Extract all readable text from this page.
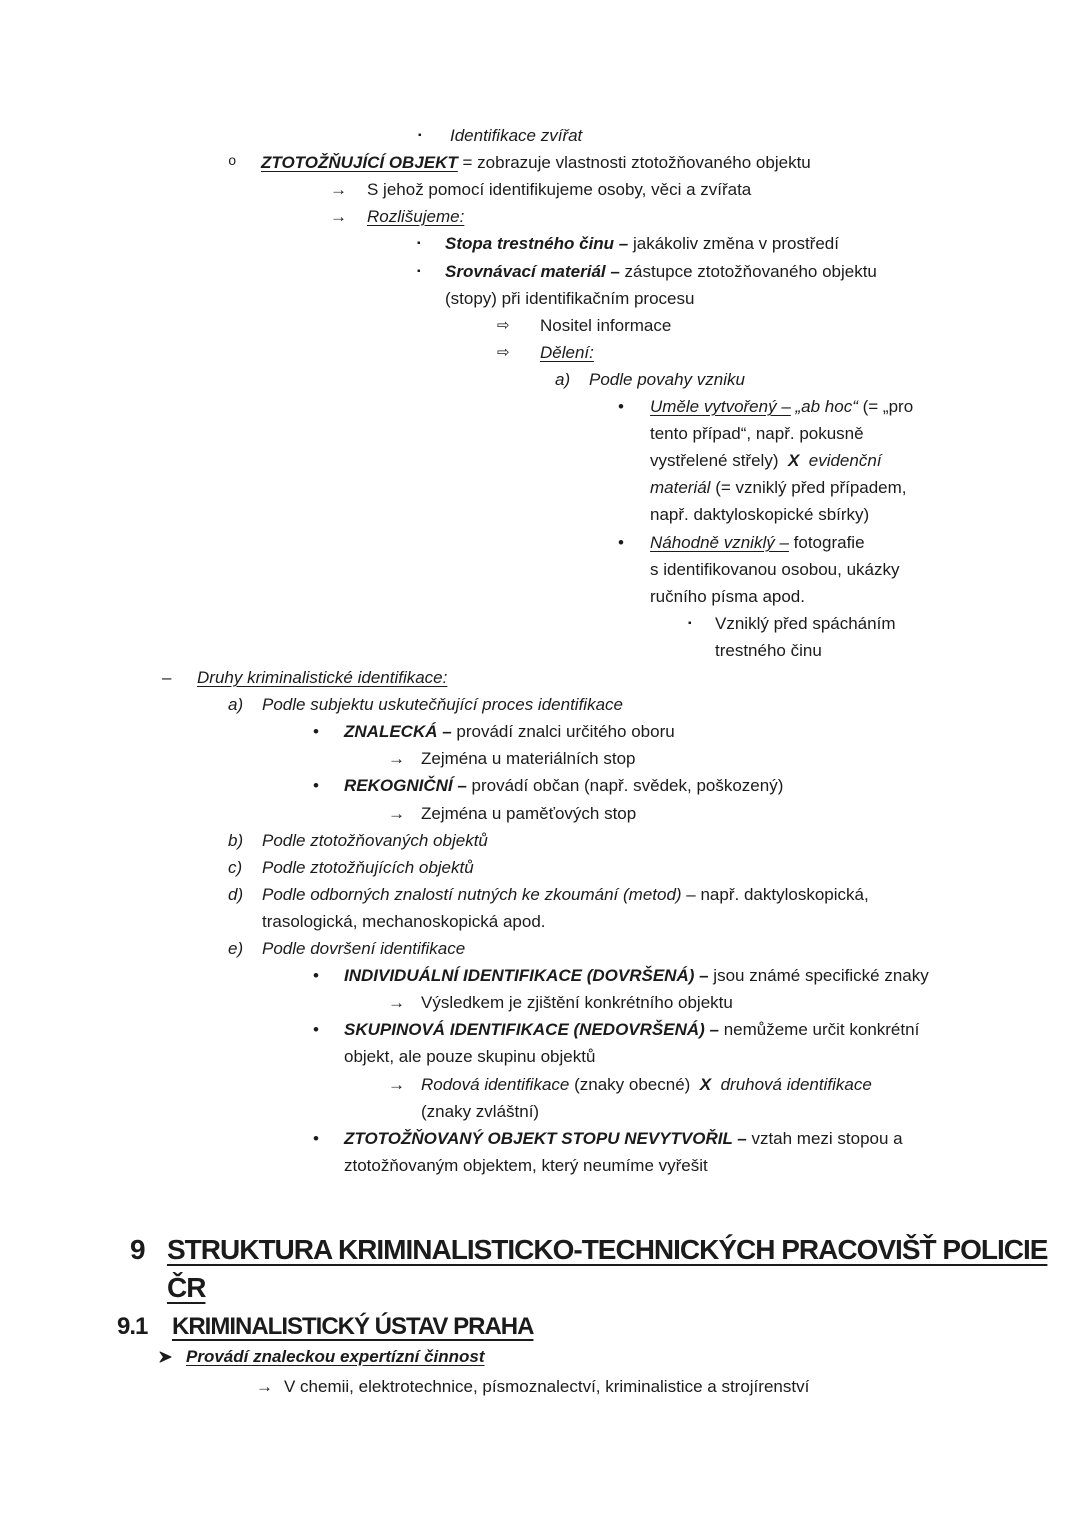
▪ Identifikace zvířat
o ZTOTOŽŇUJÍCÍ OBJEKT = zobrazuje vlastnosti ztotožňovaného objektu
→ S jehož pomocí identifikujeme osoby, věci a zvířata
→ Rozlišujeme:
▪ Stopa trestného činu – jakákoliv změna v prostředí
▪ Srovnávací materiál – zástupce ztotožňovaného objektu
(stopy) při identifikačním procesu
⇨ Nositel informace
⇨ Dělení:
a) Podle povahy vzniku
• Uměle vytvořený – „ab hoc“ (= „pro
tento případ“, např. pokusně
vystřelené střely)  X evidenční
materiál (= vzniklý před případem,
např. daktyloskopické sbírky)
• Náhodně vzniklý – fotografie
s identifikovanou osobou, ukázky
ručního písma apod.
▪ Vzniklý před spácháním
trestného činu
– Druhy kriminalistické identifikace:
a) Podle subjektu uskutečňující proces identifikace
• ZNALECKÁ – provádí znalci určitého oboru
→ Zejména u materiálních stop
• REKOGNIČNÍ – provádí občan (např. svědek, poškozený)
→ Zejména u paměťových stop
b) Podle ztotožňovaných objektů
c) Podle ztotožňujících objektů
d) Podle odborných znalostí nutných ke zkoumání (metod) – např. daktyloskopická,
trasologická, mechanoskopická apod.
e) Podle dovršení identifikace
• INDIVIDUÁLNÍ IDENTIFIKACE (DOVRŠENÁ) – jsou známé specifické znaky
→ Výsledkem je zjištění konkrétního objektu
• SKUPINOVÁ IDENTIFIKACE (NEDOVRŠENÁ) – nemůžeme určit konkrétní
objekt, ale pouze skupinu objektů
→ Rodová identifikace (znaky obecné)  X druhová identifikace
(znaky zvláštní)
• ZTOTOŽŇOVANÝ OBJEKT STOPU NEVYTVOŘIL – vztah mezi stopou a
ztotožňovaným objektem, který neumíme vyřešit
9 STRUKTURA KRIMINALISTICKO-TECHNICKÝCH PRACOVIŠŤ POLICIE
ČR
9.1 KRIMINALISTICKÝ ÚSTAV PRAHA
Provádí znaleckou expertízní činnost
→ V chemii, elektrotechnice, písmoznalectví, kriminalistice a strojírenství
